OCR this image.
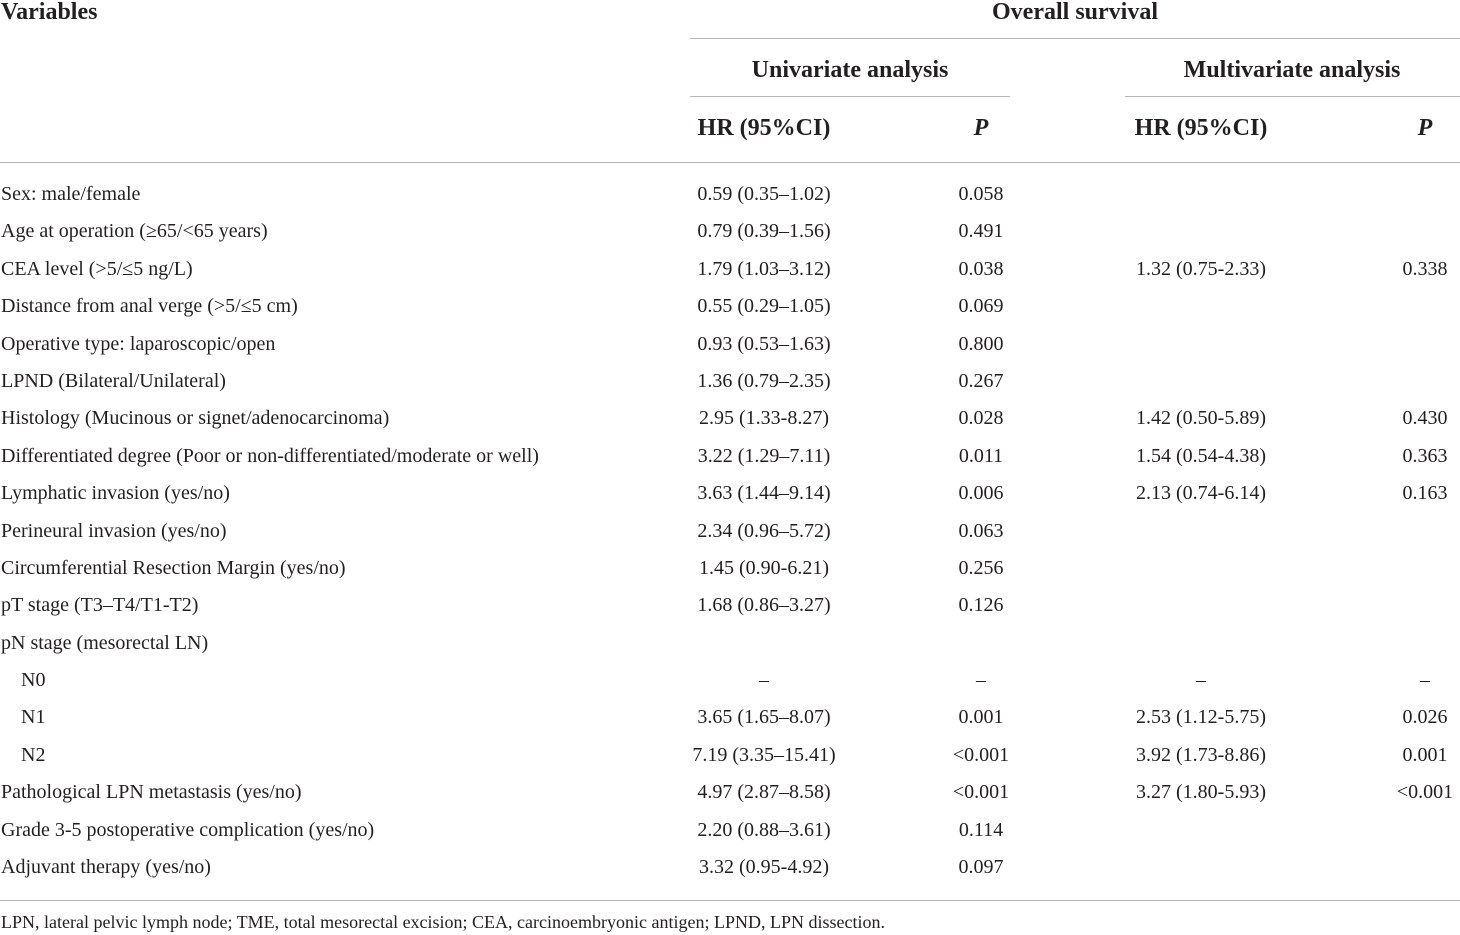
Variables	Overall survival
Univariate analysis	Multivariate analysis
HR (95%CI)	P	HR (95%CI)	P
Sex: male/female	0.59 (0.35–1.02)	0.058
Age at operation (≥65/<65 years)	0.79 (0.39–1.56)	0.491
CEA level (>5/≤5 ng/L)	1.79 (1.03–3.12)	0.038	1.32 (0.75-2.33)	0.338
Distance from anal verge (>5/≤5 cm)	0.55 (0.29–1.05)	0.069
Operative type: laparoscopic/open	0.93 (0.53–1.63)	0.800
LPND (Bilateral/Unilateral)	1.36 (0.79–2.35)	0.267
Histology (Mucinous or signet/adenocarcinoma)	2.95 (1.33-8.27)	0.028	1.42 (0.50-5.89)	0.430
Differentiated degree (Poor or non-differentiated/moderate or well)	3.22 (1.29–7.11)	0.011	1.54 (0.54-4.38)	0.363
Lymphatic invasion (yes/no)	3.63 (1.44–9.14)	0.006	2.13 (0.74-6.14)	0.163
Perineural invasion (yes/no)	2.34 (0.96–5.72)	0.063
Circumferential Resection Margin (yes/no)	1.45 (0.90-6.21)	0.256
pT stage (T3–T4/T1-T2)	1.68 (0.86–3.27)	0.126
pN stage (mesorectal LN)
N0	–	–	–	–
N1	3.65 (1.65–8.07)	0.001	2.53 (1.12-5.75)	0.026
N2	7.19 (3.35–15.41)	<0.001	3.92 (1.73-8.86)	0.001
Pathological LPN metastasis (yes/no)	4.97 (2.87–8.58)	<0.001	3.27 (1.80-5.93)	<0.001
Grade 3-5 postoperative complication (yes/no)	2.20 (0.88–3.61)	0.114
Adjuvant therapy (yes/no)	3.32 (0.95-4.92)	0.097
LPN, lateral pelvic lymph node; TME, total mesorectal excision; CEA, carcinoembryonic antigen; LPND, LPN dissection.
